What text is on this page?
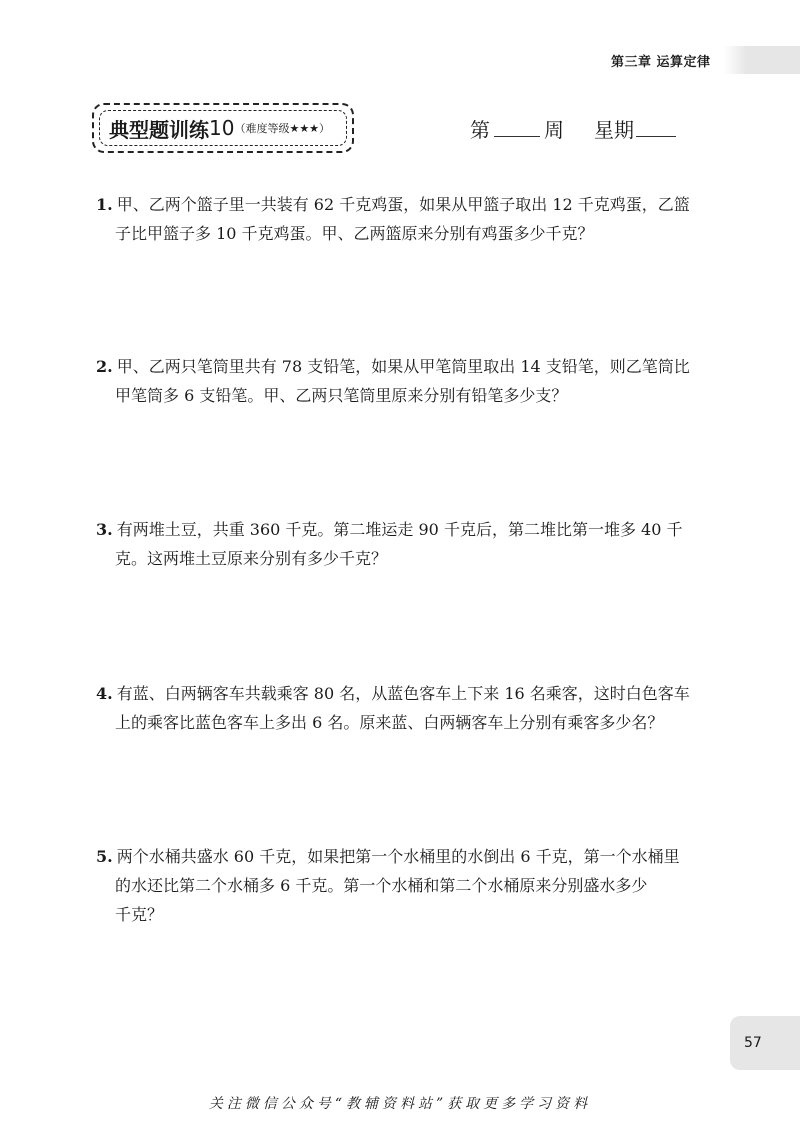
第三章 运算定律
典型题训练 10 （难度等级★★★）	第	周 星期
1. 甲、乙两个篮子里一共装有 62 千克鸡蛋，如果从甲篮子取出 12 千克鸡蛋，乙篮
子比甲篮子多 10 千克鸡蛋。甲、乙两篮原来分别有鸡蛋多少千克？
2. 甲、乙两只笔筒里共有 78 支铅笔，如果从甲笔筒里取出 14 支铅笔，则乙笔筒比
甲笔筒多 6 支铅笔。甲、乙两只笔筒里原来分别有铅笔多少支？
3. 有两堆土豆，共重 360 千克。第二堆运走 90 千克后，第二堆比第一堆多 40 千
克。这两堆土豆原来分别有多少千克？
4. 有蓝、白两辆客车共载乘客 80 名，从蓝色客车上下来 16 名乘客，这时白色客车
上的乘客比蓝色客车上多出 6 名。原来蓝、白两辆客车上分别有乘客多少名？
5. 两个水桶共盛水 60 千克，如果把第一个水桶里的水倒出 6 千克，第一个水桶里
的水还比第二个水桶多 6 千克。第一个水桶和第二个水桶原来分别盛水多少
千克？
57
关注微信公众号“教辅资料站”获取更多学习资料
